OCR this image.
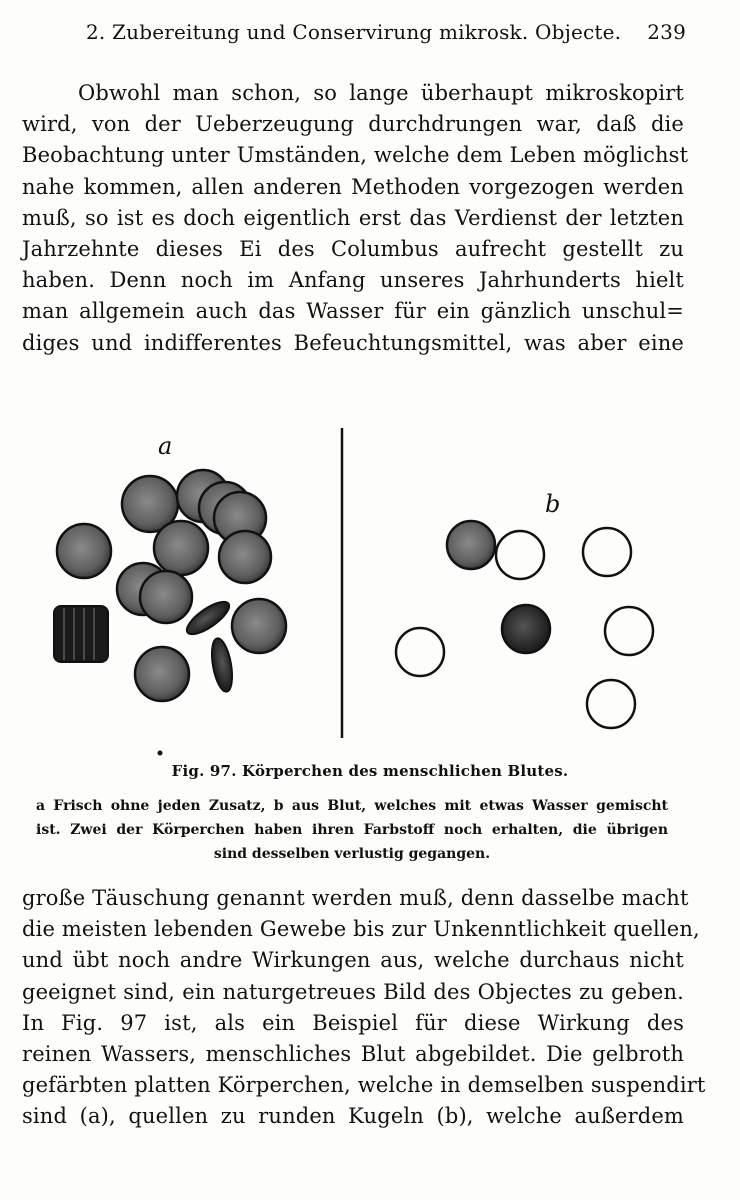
2. Zubereitung und Conservirung mikrosk. Objecte. 239
Obwohl man schon, so lange überhaupt mikroskopirt
wird, von der Ueberzeugung durchdrungen war, daß die
Beobachtung unter Umständen, welche dem Leben möglichst
nahe kommen, allen anderen Methoden vorgezogen werden
muß, so ist es doch eigentlich erst das Verdienst der letzten
Jahrzehnte dieses Ei des Columbus aufrecht gestellt zu
haben. Denn noch im Anfang unseres Jahrhunderts hielt
man allgemein auch das Wasser für ein gänzlich unschul=
diges und indifferentes Befeuchtungsmittel, was aber eine
a
b
Fig. 97. Körperchen des menschlichen Blutes.
a Frisch ohne jeden Zusatz, b aus Blut, welches mit etwas Wasser gemischt
ist. Zwei der Körperchen haben ihren Farbstoff noch erhalten, die übrigen
sind desselben verlustig gegangen.
große Täuschung genannt werden muß, denn dasselbe macht
die meisten lebenden Gewebe bis zur Unkenntlichkeit quellen,
und übt noch andre Wirkungen aus, welche durchaus nicht
geeignet sind, ein naturgetreues Bild des Objectes zu geben.
In Fig. 97 ist, als ein Beispiel für diese Wirkung des
reinen Wassers, menschliches Blut abgebildet. Die gelbroth
gefärbten platten Körperchen, welche in demselben suspendirt
sind (a), quellen zu runden Kugeln (b), welche außerdem
